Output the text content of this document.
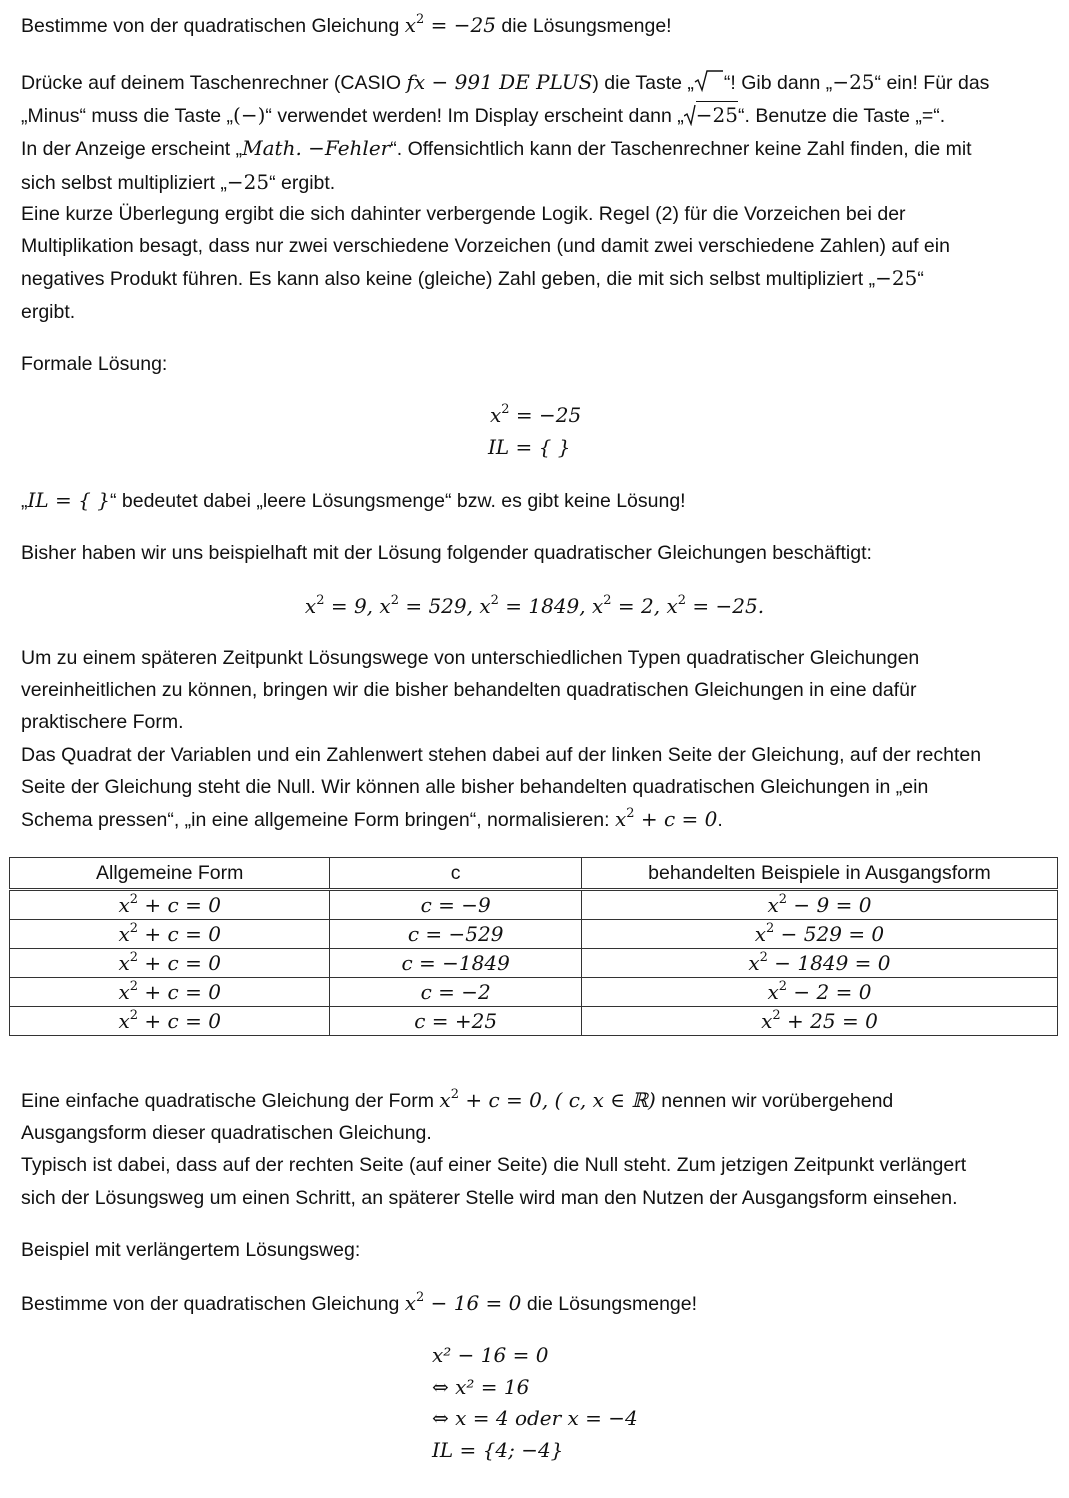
Bestimme von der quadratischen Gleichung $x^2 = -25$ die Lösungsmenge!

Drücke auf deinem Taschenrechner (CASIO fx − 991 DE PLUS) die Taste „ “! Gib dann „−25“ ein! Für das
„Minus“ muss die Taste „(−)“ verwendet werden! Im Display erscheint dann „ −25“. Benutze die Taste „=“.
In der Anzeige erscheint „Math. −Fehler“. Offensichtlich kann der Taschenrechner keine Zahl finden, die mit
sich selbst multipliziert „−25“ ergibt.

Eine kurze Überlegung ergibt die sich dahinter verbergende Logik. Regel (2) für die Vorzeichen bei der
Multiplikation besagt, dass nur zwei verschiedene Vorzeichen (und damit zwei verschiedene Zahlen) auf ein
negatives Produkt führen. Es kann also keine (gleiche) Zahl geben, die mit sich selbst multipliziert „−25“
ergibt.

Formale Lösung:

$x^2 = -25$
IL = { }

„IL = { }“ bedeutet dabei „leere Lösungsmenge“ bzw. es gibt keine Lösung!

Bisher haben wir uns beispielhaft mit der Lösung folgender quadratischer Gleichungen beschäftigt:

$x^2 = 9$, $x^2 = 529$, $x^2 = 1849$, $x^2 = 2$, $x^2 = -25$.

Um zu einem späteren Zeitpunkt Lösungswege von unterschiedlichen Typen quadratischer Gleichungen
vereinheitlichen zu können, bringen wir die bisher behandelten quadratischen Gleichungen in eine dafür
praktischere Form.
Das Quadrat der Variablen und ein Zahlenwert stehen dabei auf der linken Seite der Gleichung, auf der rechten
Seite der Gleichung steht die Null. Wir können alle bisher behandelten quadratischen Gleichungen in „ein
Schema pressen“, „in eine allgemeine Form bringen“, normalisieren: $x^2 + c = 0$.

Allgemeine Form	c	behandelten Beispiele in Ausgangsform
$x^2 + c = 0$	c = −9	$x^2 - 9 = 0$
$x^2 + c = 0$	c = −529	$x^2 - 529 = 0$
$x^2 + c = 0$	c = −1849	$x^2 - 1849 = 0$
$x^2 + c = 0$	c = −2	$x^2 - 2 = 0$
$x^2 + c = 0$	c = +25	$x^2 + 25 = 0$

Eine einfache quadratische Gleichung der Form $x^2 + c = 0$, ( c, x ∈ ℝ) nennen wir vorübergehend
Ausgangsform dieser quadratischen Gleichung.
Typisch ist dabei, dass auf der rechten Seite (auf einer Seite) die Null steht. Zum jetzigen Zeitpunkt verlängert
sich der Lösungsweg um einen Schritt, an späterer Stelle wird man den Nutzen der Ausgangsform einsehen.

Beispiel mit verlängertem Lösungsweg:

Bestimme von der quadratischen Gleichung $x^2 - 16 = 0$ die Lösungsmenge!

x² − 16 = 0
⇔ x² = 16
⇔ x = 4 oder x = −4
IL = {4; −4}
